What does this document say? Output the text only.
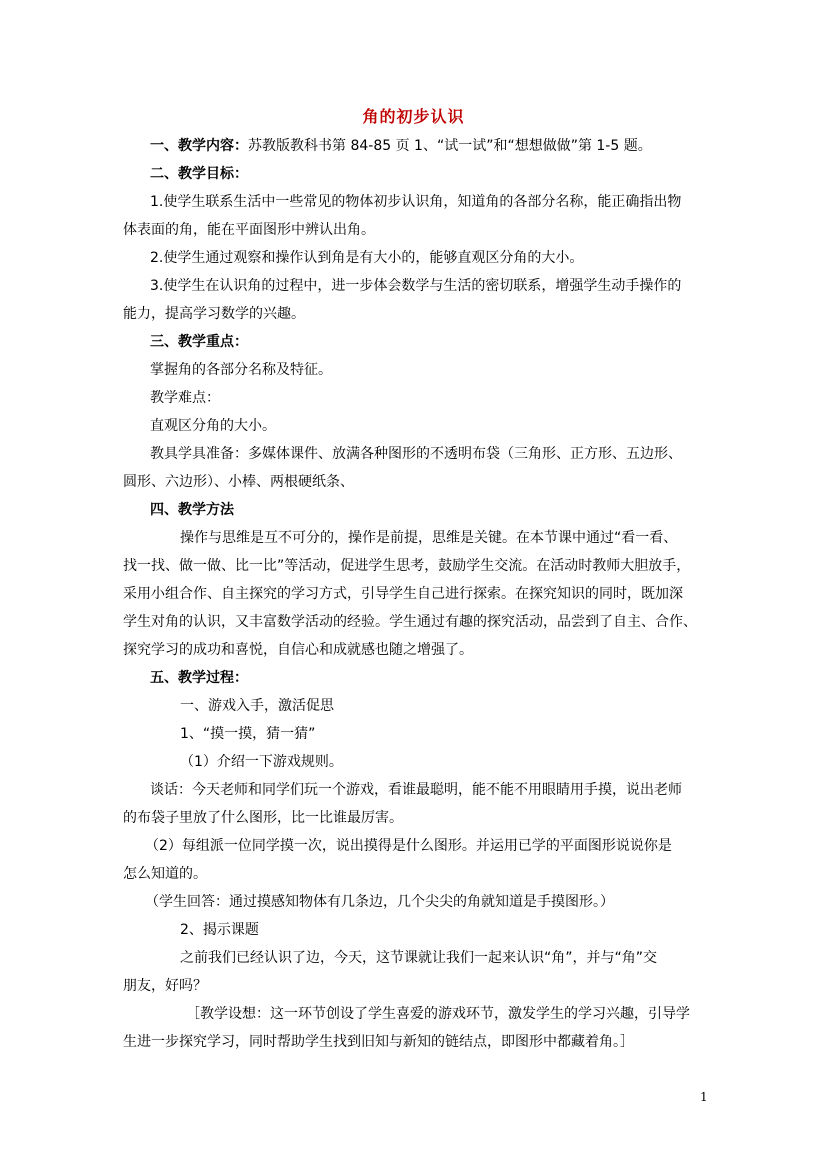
角的初步认识
一、教学内容：苏教版教科书第 84-85 页 1、“试一试”和“想想做做”第 1-5 题。
二、教学目标：
1.使学生联系生活中一些常见的物体初步认识角，知道角的各部分名称，能正确指出物
体表面的角，能在平面图形中辨认出角。
2.使学生通过观察和操作认到角是有大小的，能够直观区分角的大小。
3.使学生在认识角的过程中，进一步体会数学与生活的密切联系，增强学生动手操作的
能力，提高学习数学的兴趣。
三、教学重点：
掌握角的各部分名称及特征。
教学难点：
直观区分角的大小。
教具学具准备：多媒体课件、放满各种图形的不透明布袋（三角形、正方形、五边形、
圆形、六边形）、小棒、两根硬纸条、
四、教学方法
操作与思维是互不可分的，操作是前提，思维是关键。在本节课中通过“看一看、
找一找、做一做、比一比”等活动，促进学生思考，鼓励学生交流。在活动时教师大胆放手，
采用小组合作、自主探究的学习方式，引导学生自己进行探索。在探究知识的同时，既加深
学生对角的认识，又丰富数学活动的经验。学生通过有趣的探究活动，品尝到了自主、合作、
探究学习的成功和喜悦，自信心和成就感也随之增强了。
五、教学过程：
一、游戏入手，激活促思
1、“摸一摸，猜一猜”
（1）介绍一下游戏规则。
谈话：今天老师和同学们玩一个游戏，看谁最聪明，能不能不用眼睛用手摸，说出老师
的布袋子里放了什么图形，比一比谁最厉害。
（2）每组派一位同学摸一次，说出摸得是什么图形。并运用已学的平面图形说说你是
怎么知道的。
（学生回答：通过摸感知物体有几条边，几个尖尖的角就知道是手摸图形。）
2、揭示课题
之前我们已经认识了边，今天，这节课就让我们一起来认识“角”，并与“角”交
朋友，好吗？
［教学设想：这一环节创设了学生喜爱的游戏环节，激发学生的学习兴趣，引导学
生进一步探究学习，同时帮助学生找到旧知与新知的链结点，即图形中都藏着角。］
1
